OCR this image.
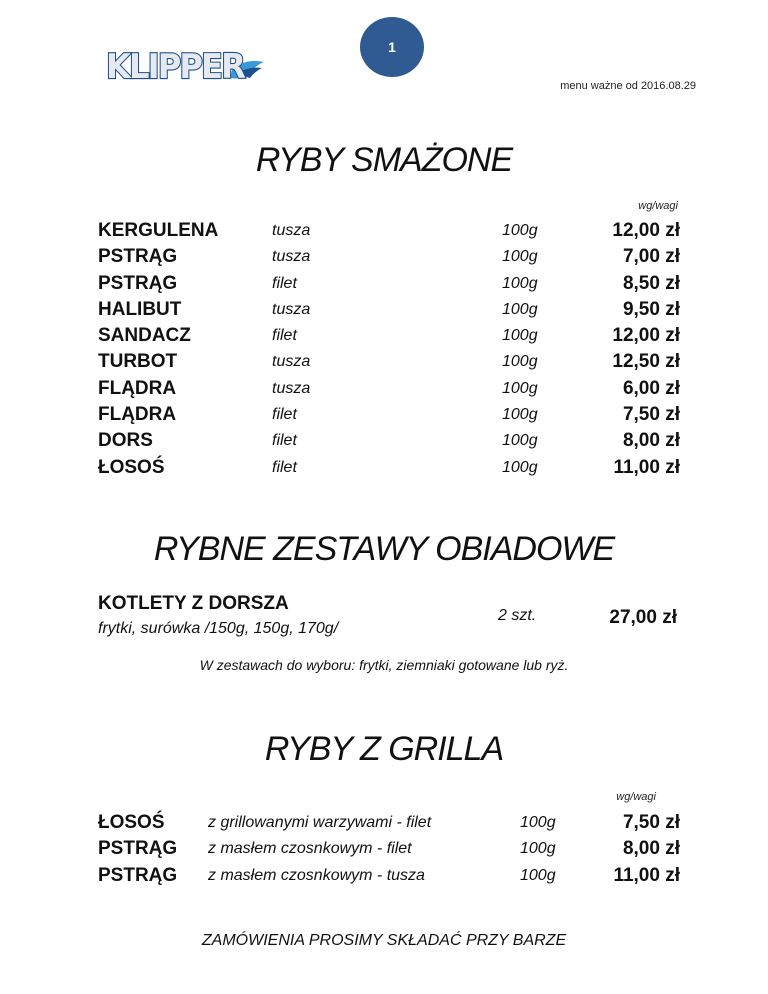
1
KLIPPER	menu ważne od 2016.08.29
RYBY SMAŻONE
wg/wagi
KERGULENA	tusza	100g	12,00 zł
PSTRĄG	tusza	100g	7,00 zł
PSTRĄG	filet	100g	8,50 zł
HALIBUT	tusza	100g	9,50 zł
SANDACZ	filet	100g	12,00 zł
TURBOT	tusza	100g	12,50 zł
FLĄDRA	tusza	100g	6,00 zł
FLĄDRA	filet	100g	7,50 zł
DORS	filet	100g	8,00 zł
ŁOSOŚ	filet	100g	11,00 zł
RYBNE ZESTAWY OBIADOWE
KOTLETY Z DORSZA
frytki, surówka /150g, 150g, 170g/
2 szt.	27,00 zł
W zestawach do wyboru: frytki, ziemniaki gotowane lub ryż.
RYBY Z GRILLA
wg/wagi
ŁOSOŚ	z grillowanymi warzywami - filet	100g	7,50 zł
PSTRĄG	z masłem czosnkowym - filet	100g	8,00 zł
PSTRĄG	z masłem czosnkowym - tusza	100g	11,00 zł
ZAMÓWIENIA PROSIMY SKŁADAĆ PRZY BARZE
